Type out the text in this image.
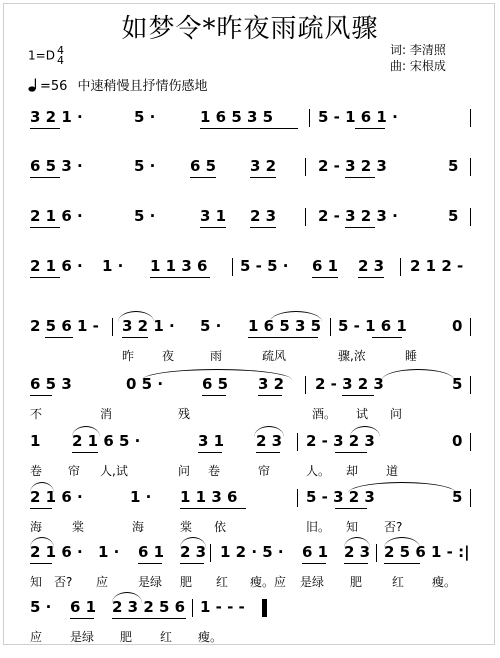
如梦令*昨夜雨疏风骤
1=D 4
4
词: 李清照
曲: 宋根成
=56 中速稍慢且抒情伤感地
3 2 1 ·	5 ·	1 6 5 3 5	5 - 1 6 1 ·
6 5 3 ·	5 · 6 5 3 2	2 - 3 2 3	5
2 1 6 ·	5 ·	3 1 2 3	2 - 3 2 3 ·	5
2 1 6 · 1 · 1 1 3 6 5 - 5 · 6 1 2 3 2 1 2 -
2 5 6 1 - 3 2 1 · 5 · 1 6 5 3 5 5 - 1 6 1	0
昨 夜	雨	疏风	骤,浓	睡
6 5 3	0 5 ·	6 5 3 2 2 - 3 2 3	5
不	消	残	酒。 试 问
1 2 1 6 5 ·	3 1 2 3 2 - 3 2 3	0
卷 帘 人,试	问 卷	帘	人。 却 道
2 1 6 ·	1 · 1 1 3 6	5 - 3 2 3	5
海 棠	海	棠 依	旧。 知 否?
2 1 6 · 1 · 6 1 2 3 1 2 · 5 · 6 1 2 3 2 5 6 1 - :|
知 否? 应 是绿 肥 红 瘦。应 是绿 肥 红 瘦。
5 · 6 1 2 3 2 5 6 1 - - -
应 是绿 肥 红 瘦。
